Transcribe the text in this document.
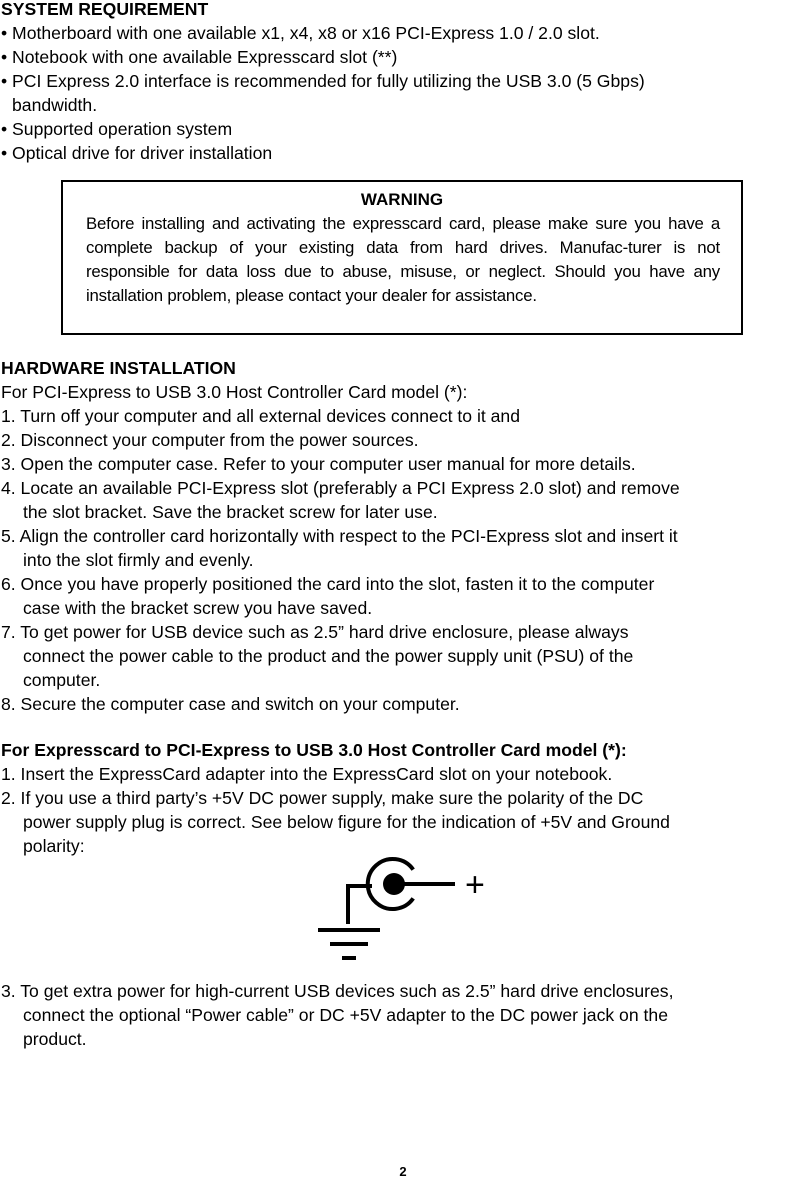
SYSTEM REQUIREMENT
• Motherboard with one available x1, x4, x8 or x16 PCI-Express 1.0 / 2.0 slot.
• Notebook with one available Expresscard slot (**)
• PCI Express 2.0 interface is recommended for fully utilizing the USB 3.0 (5 Gbps)
bandwidth.
• Supported operation system
• Optical drive for driver installation
WARNING
Before installing and activating the expresscard card, please make sure you have a complete backup of your existing data from hard drives. Manufac-turer is not responsible for data loss due to abuse, misuse, or neglect. Should you have any installation problem, please contact your dealer for assistance.
HARDWARE INSTALLATION
For PCI-Express to USB 3.0 Host Controller Card model (*):
1. Turn off your computer and all external devices connect to it and
2. Disconnect your computer from the power sources.
3. Open the computer case. Refer to your computer user manual for more details.
4. Locate an available PCI-Express slot (preferably a PCI Express 2.0 slot) and remove
the slot bracket. Save the bracket screw for later use.
5. Align the controller card horizontally with respect to the PCI-Express slot and insert it
into the slot firmly and evenly.
6. Once you have properly positioned the card into the slot, fasten it to the computer
case with the bracket screw you have saved.
7. To get power for USB device such as 2.5” hard drive enclosure, please always
connect the power cable to the product and the power supply unit (PSU) of the
computer.
8. Secure the computer case and switch on your computer.
For Expresscard to PCI-Express to USB 3.0 Host Controller Card model (*):
1. Insert the ExpressCard adapter into the ExpressCard slot on your notebook.
2. If you use a third party’s +5V DC power supply, make sure the polarity of the DC
power supply plug is correct. See below figure for the indication of +5V and Ground
polarity:
+
3. To get extra power for high-current USB devices such as 2.5” hard drive enclosures,
connect the optional “Power cable” or DC +5V adapter to the DC power jack on the
product.
2
